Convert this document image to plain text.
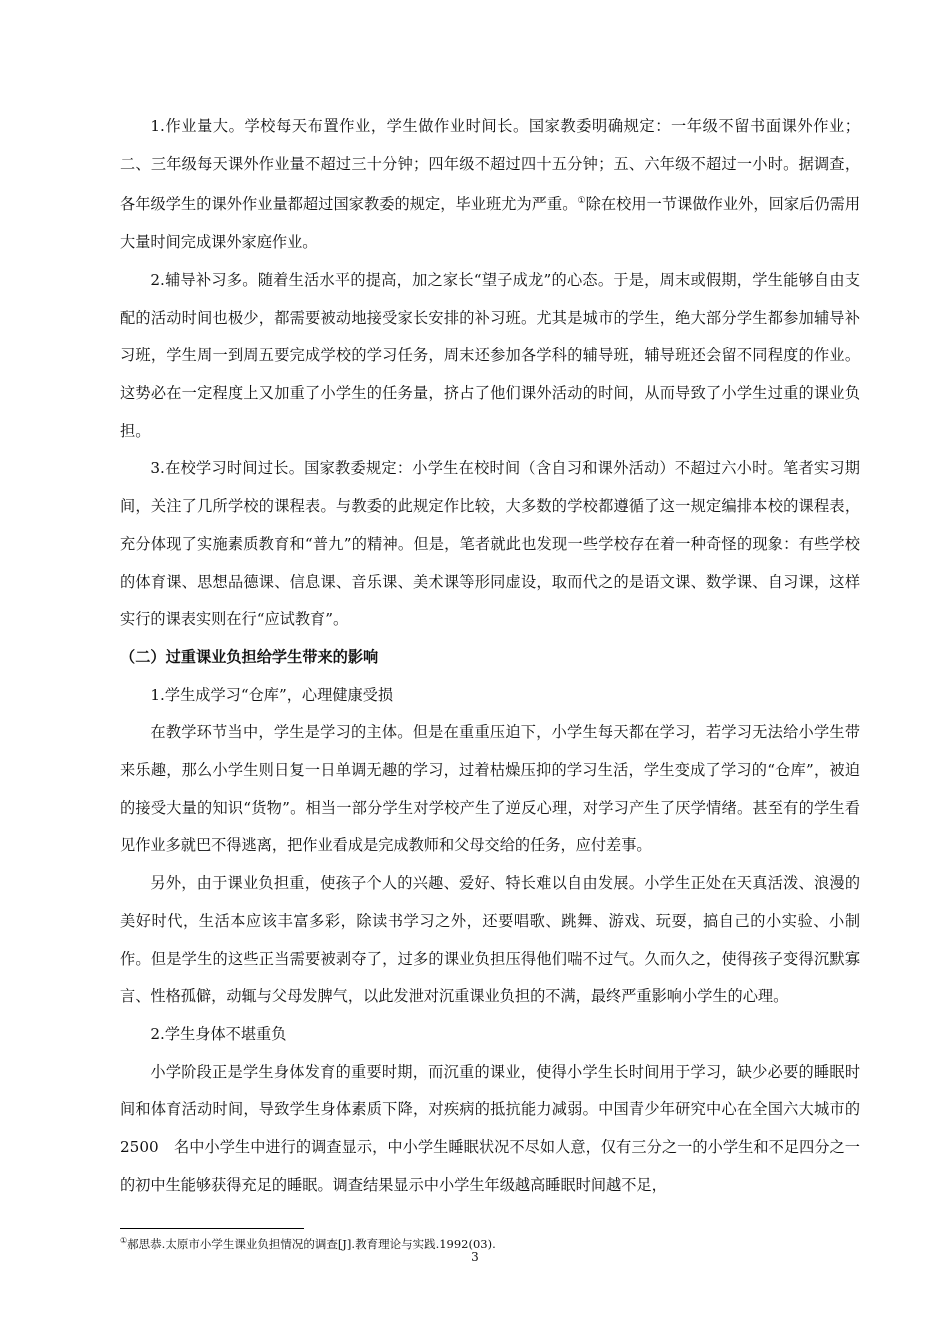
1.作业量大。学校每天布置作业，学生做作业时间长。国家教委明确规定：一年级不留书面课外作业；二、三年级每天课外作业量不超过三十分钟；四年级不超过四十五分钟；五、六年级不超过一小时。据调查，各年级学生的课外作业量都超过国家教委的规定，毕业班尤为严重。①除在校用一节课做作业外，回家后仍需用大量时间完成课外家庭作业。

2.辅导补习多。随着生活水平的提高，加之家长“望子成龙”的心态。于是，周末或假期，学生能够自由支配的活动时间也极少，都需要被动地接受家长安排的补习班。尤其是城市的学生，绝大部分学生都参加辅导补习班，学生周一到周五要完成学校的学习任务，周末还参加各学科的辅导班，辅导班还会留不同程度的作业。这势必在一定程度上又加重了小学生的任务量，挤占了他们课外活动的时间，从而导致了小学生过重的课业负担。

3.在校学习时间过长。国家教委规定：小学生在校时间（含自习和课外活动）不超过六小时。笔者实习期间，关注了几所学校的课程表。与教委的此规定作比较，大多数的学校都遵循了这一规定编排本校的课程表，充分体现了实施素质教育和“普九”的精神。但是，笔者就此也发现一些学校存在着一种奇怪的现象：有些学校的体育课、思想品德课、信息课、音乐课、美术课等形同虚设，取而代之的是语文课、数学课、自习课，这样实行的课表实则在行“应试教育”。

（二）过重课业负担给学生带来的影响

1.学生成学习“仓库”，心理健康受损

在教学环节当中，学生是学习的主体。但是在重重压迫下，小学生每天都在学习，若学习无法给小学生带来乐趣，那么小学生则日复一日单调无趣的学习，过着枯燥压抑的学习生活，学生变成了学习的“仓库”，被迫的接受大量的知识“货物”。相当一部分学生对学校产生了逆反心理，对学习产生了厌学情绪。甚至有的学生看见作业多就巴不得逃离，把作业看成是完成教师和父母交给的任务，应付差事。

另外，由于课业负担重，使孩子个人的兴趣、爱好、特长难以自由发展。小学生正处在天真活泼、浪漫的美好时代，生活本应该丰富多彩，除读书学习之外，还要唱歌、跳舞、游戏、玩耍，搞自己的小实验、小制作。但是学生的这些正当需要被剥夺了，过多的课业负担压得他们喘不过气。久而久之，使得孩子变得沉默寡言、性格孤僻，动辄与父母发脾气，以此发泄对沉重课业负担的不满，最终严重影响小学生的心理。

2.学生身体不堪重负

小学阶段正是学生身体发育的重要时期，而沉重的课业，使得小学生长时间用于学习，缺少必要的睡眠时间和体育活动时间，导致学生身体素质下降，对疾病的抵抗能力减弱。中国青少年研究中心在全国六大城市的2500　名中小学生中进行的调查显示，中小学生睡眠状况不尽如人意，仅有三分之一的小学生和不足四分之一的初中生能够获得充足的睡眠。调查结果显示中小学生年级越高睡眠时间越不足，

①郝思恭.太原市小学生课业负担情况的调查[J].教育理论与实践.1992(03).
3
